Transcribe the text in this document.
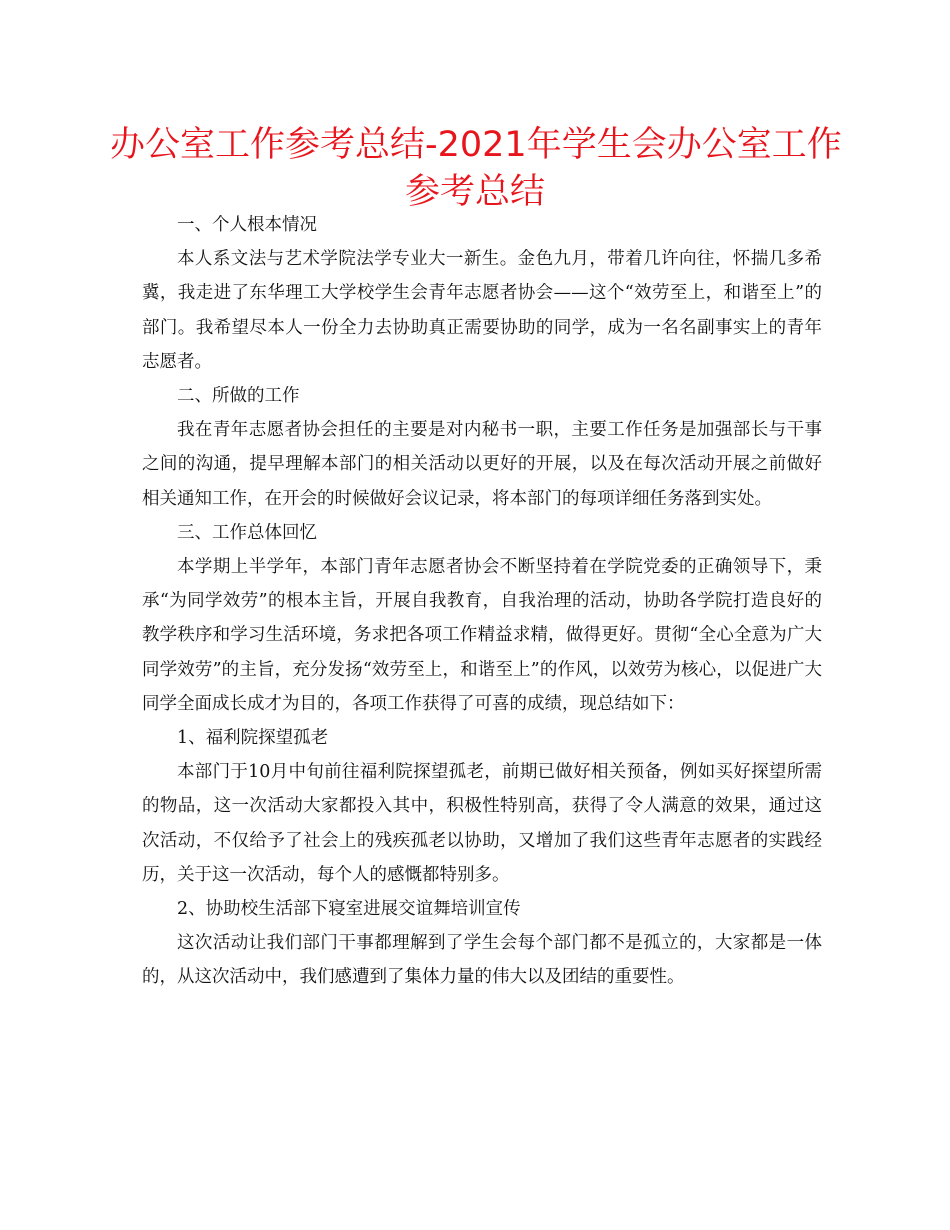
办公室工作参考总结-2021年学生会办公室工作
参考总结

一、个人根本情况

本人系文法与艺术学院法学专业大一新生。金色九月，带着几许向往，怀揣几多希冀，我走进了东华理工大学校学生会青年志愿者协会——这个“效劳至上，和谐至上”的部门。我希望尽本人一份全力去协助真正需要协助的同学，成为一名名副事实上的青年志愿者。

二、所做的工作

我在青年志愿者协会担任的主要是对内秘书一职，主要工作任务是加强部长与干事之间的沟通，提早理解本部门的相关活动以更好的开展，以及在每次活动开展之前做好相关通知工作，在开会的时候做好会议记录，将本部门的每项详细任务落到实处。

三、工作总体回忆

本学期上半学年，本部门青年志愿者协会不断坚持着在学院党委的正确领导下，秉承“为同学效劳”的根本主旨，开展自我教育，自我治理的活动，协助各学院打造良好的教学秩序和学习生活环境，务求把各项工作精益求精，做得更好。贯彻“全心全意为广大同学效劳”的主旨，充分发扬“效劳至上，和谐至上”的作风，以效劳为核心，以促进广大同学全面成长成才为目的，各项工作获得了可喜的成绩，现总结如下：

1、福利院探望孤老

本部门于10月中旬前往福利院探望孤老，前期已做好相关预备，例如买好探望所需的物品，这一次活动大家都投入其中，积极性特别高，获得了令人满意的效果，通过这次活动，不仅给予了社会上的残疾孤老以协助，又增加了我们这些青年志愿者的实践经历，关于这一次活动，每个人的感慨都特别多。

2、协助校生活部下寝室进展交谊舞培训宣传

这次活动让我们部门干事都理解到了学生会每个部门都不是孤立的，大家都是一体的，从这次活动中，我们感遭到了集体力量的伟大以及团结的重要性。
